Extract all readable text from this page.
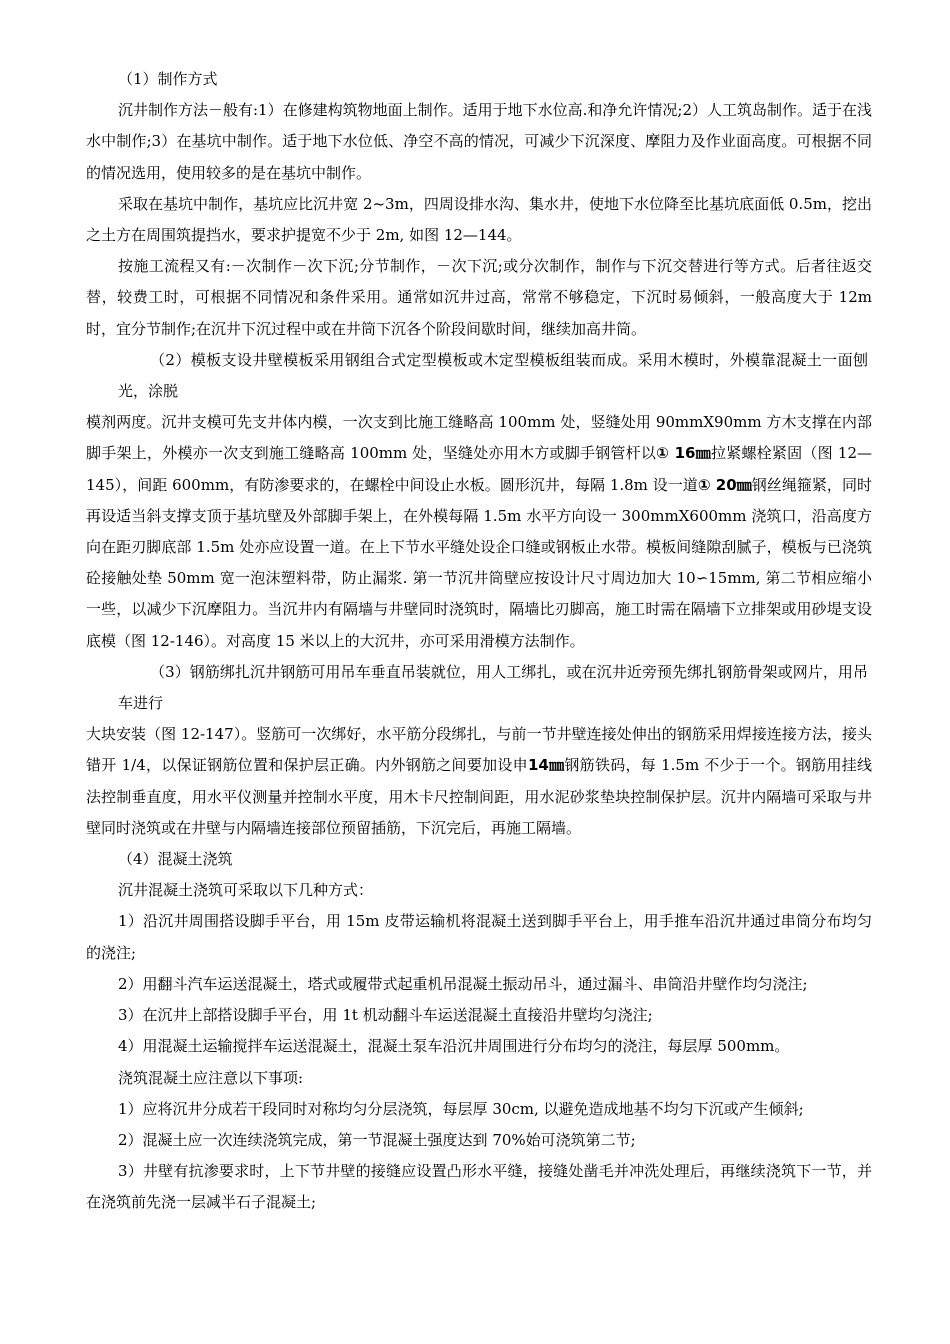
（1）制作方式

沉井制作方法－般有:1）在修建构筑物地面上制作。适用于地下水位高.和净允许情况;2）人工筑岛制作。适于在浅水中制作;3）在基坑中制作。适于地下水位低、净空不高的情况，可减少下沉深度、摩阻力及作业面高度。可根据不同的情况选用，使用较多的是在基坑中制作。

采取在基坑中制作，基坑应比沉井宽 2~3m，四周设排水沟、集水井，使地下水位降至比基坑底面低 0.5m，挖出之土方在周围筑提挡水，要求护提宽不少于 2m, 如图 12—144。

按施工流程又有:－次制作－次下沉;分节制作，－次下沉;或分次制作，制作与下沉交替进行等方式。后者往返交替，较费工时，可根据不同情况和条件采用。通常如沉井过高，常常不够稳定，下沉时易倾斜，一般高度大于 12m 时，宜分节制作;在沉井下沉过程中或在井筒下沉各个阶段间歇时间，继续加高井筒。

（2）模板支设井壁模板采用钢组合式定型模板或木定型模板组装而成。采用木模时，外模靠混凝土一面刨光，涂脱

模剂两度。沉井支模可先支井体内模，一次支到比施工缝略高 100mm 处，竖缝处用 90mmX90mm 方木支撑在内部脚手架上，外模亦一次支到施工缝略高 100mm 处，坚缝处亦用木方或脚手钢管杆以① 16㎜拉紧螺栓紧固（图 12—145），间距 600mm，有防渗要求的，在螺栓中间设止水板。圆形沉井，每隔 1.8m 设一道① 20㎜钢丝绳箍紧，同时再设适当斜支撑支顶于基坑壁及外部脚手架上，在外模每隔 1.5m 水平方向设一 300mmX600mm 浇筑口，沿高度方向在距刃脚底部 1.5m 处亦应设置一道。在上下节水平缝处设企口缝或钢板止水带。模板间缝隙刮腻子，模板与已浇筑砼接触处垫 50mm 宽一泡沫塑料带，防止漏浆. 第一节沉井筒壁应按设计尺寸周边加大 10∽15mm, 第二节相应缩小一些，以减少下沉摩阻力。当沉井内有隔墙与井壁同时浇筑时，隔墙比刃脚高，施工时需在隔墙下立排架或用砂堤支设底模（图 12-146）。对高度 15 米以上的大沉井，亦可采用滑模方法制作。

（3）钢筋绑扎沉井钢筋可用吊车垂直吊装就位，用人工绑扎，或在沉井近旁预先绑扎钢筋骨架或网片，用吊车进行

大块安装（图 12-147）。竖筋可一次绑好，水平筋分段绑扎，与前一节井壁连接处伸出的钢筋采用焊接连接方法，接头错开 1/4，以保证钢筋位置和保护层正确。内外钢筋之间要加设申14㎜钢筋铁码，每 1.5m 不少于一个。钢筋用挂线法控制垂直度，用水平仪测量并控制水平度，用木卡尺控制间距，用水泥砂浆垫块控制保护层。沉井内隔墙可采取与井壁同时浇筑或在井壁与内隔墙连接部位预留插筋，下沉完后，再施工隔墙。

（4）混凝土浇筑

沉井混凝土浇筑可采取以下几种方式：

1）沿沉井周围搭设脚手平台，用 15m 皮带运输机将混凝土送到脚手平台上，用手推车沿沉井通过串筒分布均匀的浇注;

2）用翻斗汽车运送混凝土，塔式或履带式起重机吊混凝土振动吊斗，通过漏斗、串筒沿井壁作均匀浇注;

3）在沉井上部搭设脚手平台，用 1t 机动翻斗车运送混凝土直接沿井壁均匀浇注;

4）用混凝土运输搅拌车运送混凝土，混凝土泵车沿沉井周围进行分布均匀的浇注，每层厚 500mm。

浇筑混凝土应注意以下事项:

1）应将沉井分成若干段同时对称均匀分层浇筑，每层厚 30cm, 以避免造成地基不均匀下沉或产生倾斜;

2）混凝土应一次连续浇筑完成，第一节混凝土强度达到 70%始可浇筑第二节;

3）井壁有抗渗要求时，上下节井壁的接缝应设置凸形水平缝，接缝处凿毛并冲洗处理后，再继续浇筑下一节，并在浇筑前先浇一层减半石子混凝土;
